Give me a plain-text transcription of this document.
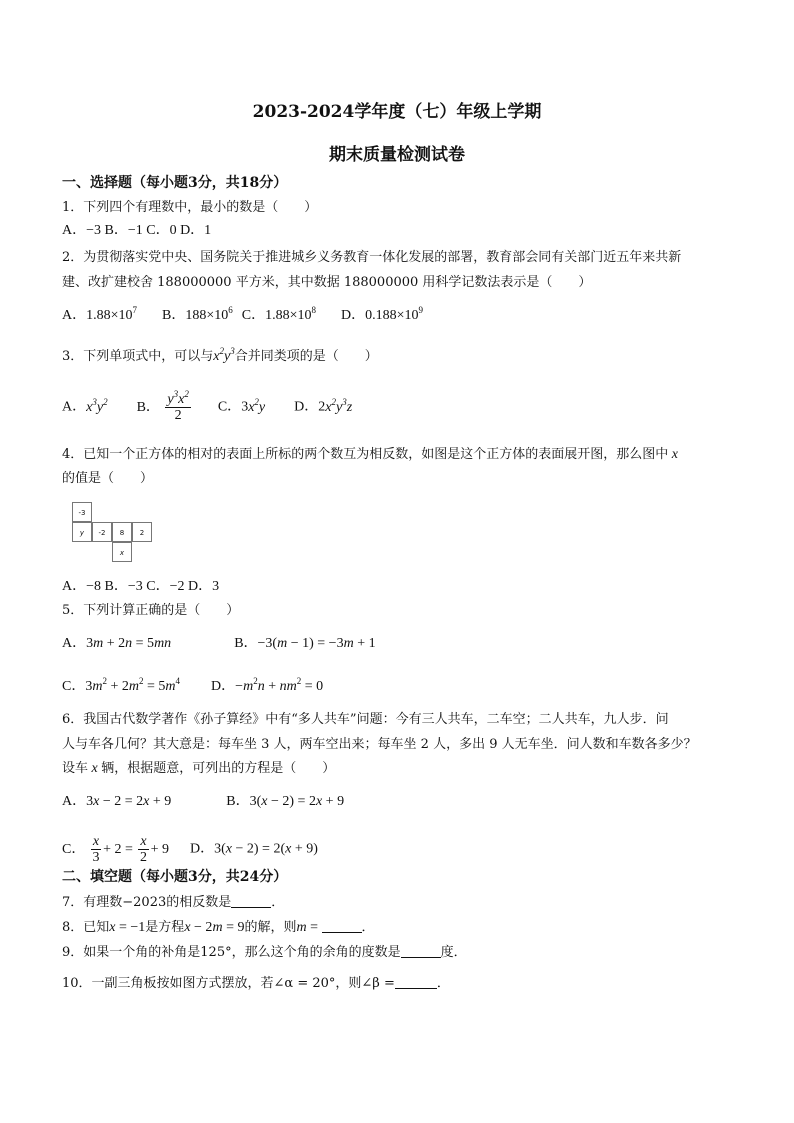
2023-2024学年度（七）年级上学期
期末质量检测试卷
一、选择题（每小题3分，共18分）
1．下列四个有理数中，最小的数是（　　）
A．−3 B．−1 C．0 D．1
2．为贯彻落实党中央、国务院关于推进城乡义务教育一体化发展的部署，教育部会同有关部门近五年来共新
建、改扩建校舍 188000000 平方米，其中数据 188000000 用科学记数法表示是（　　）
A．$1.88\times 10^7$ B．$188\times 10^6$ C．$1.88\times 10^8$ D．$0.188\times 10^9$
3．下列单项式中，可以与$x^2y^3$合并同类项的是（　　）
A．$x^3y^2$ B． $\frac{y^3x^2}{2}$ C．$3x^2y$ D．$2x^2y^3z$
4．已知一个正方体的相对的表面上所标的两个数互为相反数，如图是这个正方体的表面展开图，那么图中 x
的值是（　　）
-3
y	-2	8	2
x
A．−8 B．−3 C．−2 D．3
5．下列计算正确的是（　　）
A．3m + 2n = 5mn	B．−3(m − 1) = −3m + 1
C．$3m^2 + 2m^2 = 5m^4$ D．$-m^2n + nm^2 = 0$
6．我国古代数学著作《孙子算经》中有“多人共车”问题：今有三人共车，二车空；二人共车，九人步．问
人与车各几何？其大意是：每车坐 3 人，两车空出来；每车坐 2 人，多出 9 人无车坐．问人数和车数各多少？
设车 x 辆，根据题意，可列出的方程是（　　）
A．3x − 2 = 2x + 9	B．3(x − 2) = 2x + 9
C． $\frac{x}{3} + 2 = \frac{x}{2} + 9$ D．3(x − 2) = 2(x + 9)
二、填空题（每小题3分，共24分）
7．有理数−2023的相反数是	．
8．已知x = −1是方程x − 2m = 9的解，则m =	．
9．如果一个角的补角是125°，那么这个角的余角的度数是	度．
10．一副三角板按如图方式摆放，若∠α = 20°，则∠β =	．
